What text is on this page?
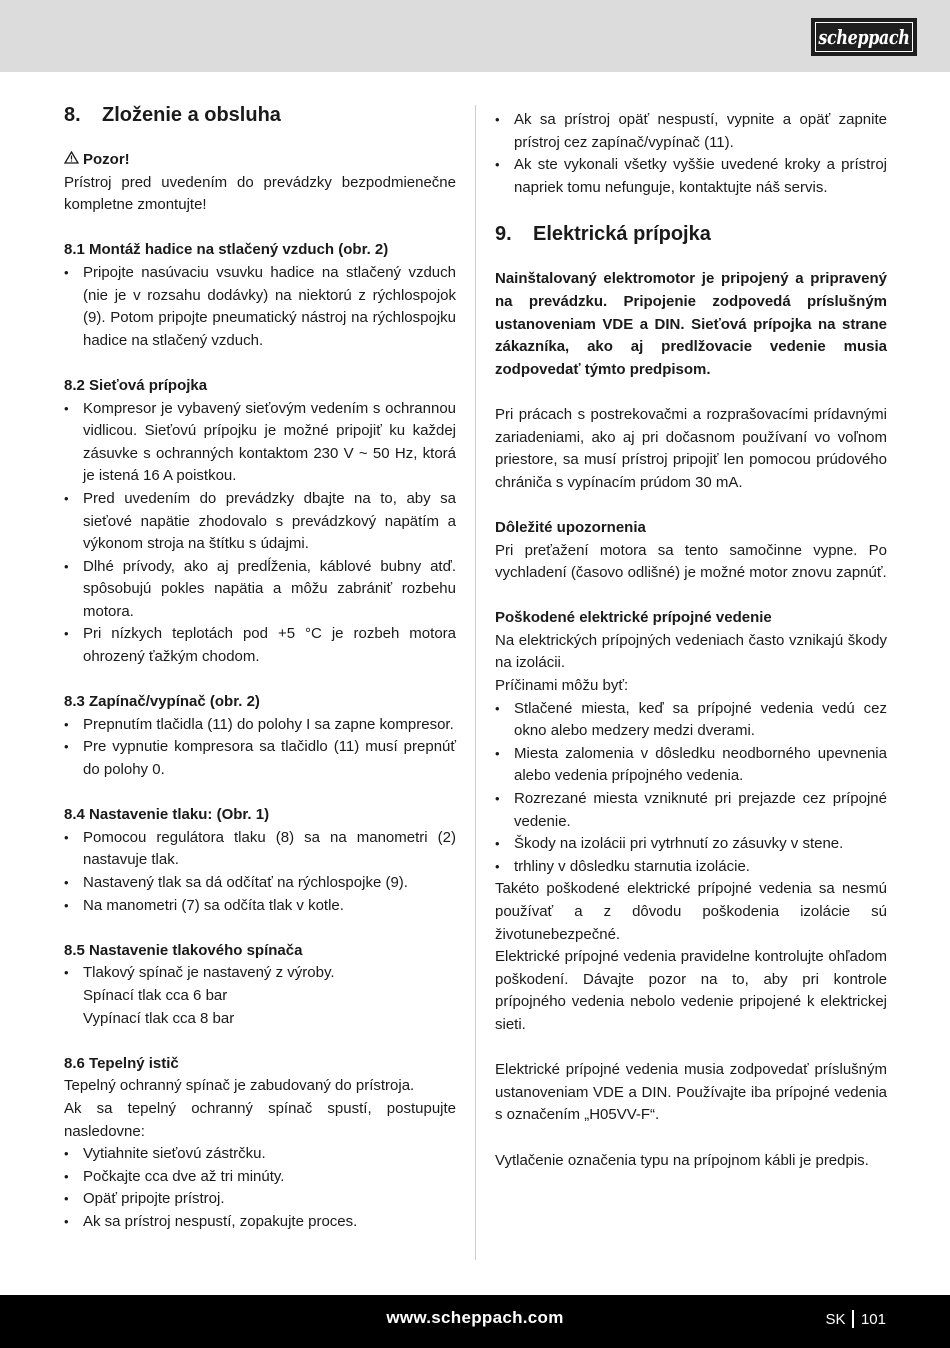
scheppach
8.	Zloženie a obsluha

Pozor!

Prístroj pred uvedením do prevádzky bezpodmienečne kompletne zmontujte!

8.1 Montáž hadice na stlačený vzduch (obr. 2)

• Pripojte nasúvaciu vsuvku hadice na stlačený vzduch (nie je v rozsahu dodávky) na niektorú z rýchlospojok (9). Potom pripojte pneumatický nástroj na rýchlospojku hadice na stlačený vzduch.

8.2 Sieťová prípojka

• Kompresor je vybavený sieťovým vedením s ochrannou vidlicou. Sieťovú prípojku je možné pripojiť ku každej zásuvke s ochranných kontaktom 230 V ~ 50 Hz, ktorá je istená 16 A poistkou.
• Pred uvedením do prevádzky dbajte na to, aby sa sieťové napätie zhodovalo s prevádzkový napätím a výkonom stroja na štítku s údajmi.
• Dlhé prívody, ako aj predĺženia, káblové bubny atď. spôsobujú pokles napätia a môžu zabrániť rozbehu motora.
• Pri nízkych teplotách pod +5 °C je rozbeh motora ohrozený ťažkým chodom.

8.3 Zapínač/vypínač (obr. 2)

• Prepnutím tlačidla (11) do polohy I sa zapne kompresor.
• Pre vypnutie kompresora sa tlačidlo (11) musí prepnúť do polohy 0.

8.4 Nastavenie tlaku: (Obr. 1)

• Pomocou regulátora tlaku (8) sa na manometri (2) nastavuje tlak.
• Nastavený tlak sa dá odčítať na rýchlospojke (9).
• Na manometri (7) sa odčíta tlak v kotle.

8.5 Nastavenie tlakového spínača

• Tlakový spínač je nastavený z výroby.

Spínací tlak cca 6 bar

Vypínací tlak cca 8 bar

8.6 Tepelný istič

Tepelný ochranný spínač je zabudovaný do prístroja.

Ak sa tepelný ochranný spínač spustí, postupujte nasledovne:

• Vytiahnite sieťovú zástrčku.
• Počkajte cca dve až tri minúty.
• Opäť pripojte prístroj.
• Ak sa prístroj nespustí, zopakujte proces.
• Ak sa prístroj opäť nespustí, vypnite a opäť zapnite prístroj cez zapínač/vypínač (11).
• Ak ste vykonali všetky vyššie uvedené kroky a prístroj napriek tomu nefunguje, kontaktujte náš servis.
9.	Elektrická prípojka

Nainštalovaný elektromotor je pripojený a pripravený na prevádzku. Pripojenie zodpovedá príslušným ustanoveniam VDE a DIN. Sieťová prípojka na strane zákazníka, ako aj predlžovacie vedenie musia zodpovedať týmto predpisom.

Pri prácach s postrekovačmi a rozprašovacími prídavnými zariadeniami, ako aj pri dočasnom používaní vo voľnom priestore, sa musí prístroj pripojiť len pomocou prúdového chrániča s vypínacím prúdom 30 mA.

Dôležité upozornenia

Pri preťažení motora sa tento samočinne vypne. Po vychladení (časovo odlišné) je možné motor znovu zapnúť.

Poškodené elektrické prípojné vedenie

Na elektrických prípojných vedeniach často vznikajú škody na izolácii.

Príčinami môžu byť:

• Stlačené miesta, keď sa prípojné vedenia vedú cez okno alebo medzery medzi dverami.
• Miesta zalomenia v dôsledku neodborného upevnenia alebo vedenia prípojného vedenia.
• Rozrezané miesta vzniknuté pri prejazde cez prípojné vedenie.
• Škody na izolácii pri vytrhnutí zo zásuvky v stene.
• trhliny v dôsledku starnutia izolácie.

Takéto poškodené elektrické prípojné vedenia sa nesmú používať a z dôvodu poškodenia izolácie sú životunebezpečné.

Elektrické prípojné vedenia pravidelne kontrolujte ohľadom poškodení. Dávajte pozor na to, aby pri kontrole prípojného vedenia nebolo vedenie pripojené k elektrickej sieti.

Elektrické prípojné vedenia musia zodpovedať príslušným ustanoveniam VDE a DIN. Používajte iba prípojné vedenia s označením „H05VV-F“.

Vytlačenie označenia typu na prípojnom kábli je predpis.

www.scheppach.com	SK 101
